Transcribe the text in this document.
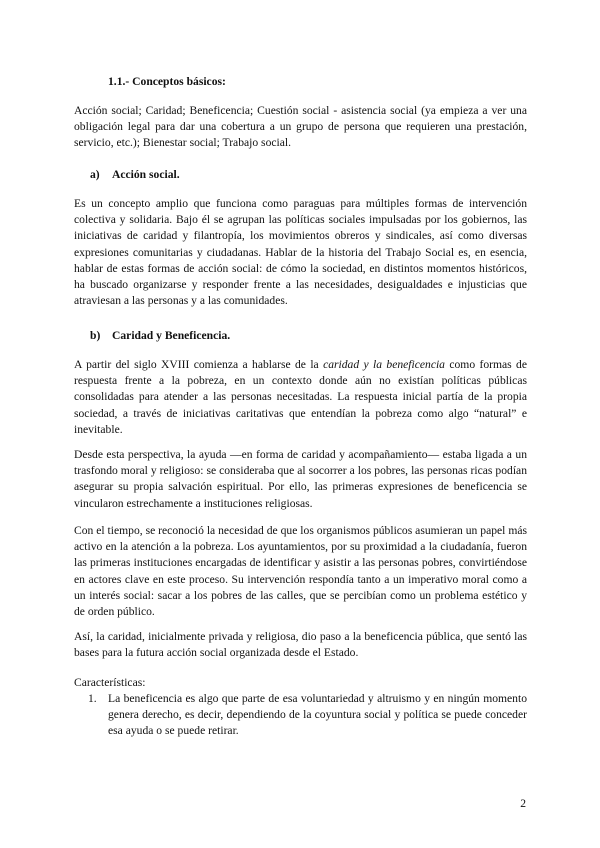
1.1.- Conceptos básicos:

Acción social; Caridad; Beneficencia; Cuestión social - asistencia social (ya empieza a ver una obligación legal para dar una cobertura a un grupo de persona que requieren una prestación, servicio, etc.); Bienestar social; Trabajo social.

a) Acción social.

Es un concepto amplio que funciona como paraguas para múltiples formas de intervención colectiva y solidaria. Bajo él se agrupan las políticas sociales impulsadas por los gobiernos, las iniciativas de caridad y filantropía, los movimientos obreros y sindicales, así como diversas expresiones comunitarias y ciudadanas. Hablar de la historia del Trabajo Social es, en esencia, hablar de estas formas de acción social: de cómo la sociedad, en distintos momentos históricos, ha buscado organizarse y responder frente a las necesidades, desigualdades e injusticias que atraviesan a las personas y a las comunidades.

b) Caridad y Beneficencia.

A partir del siglo XVIII comienza a hablarse de la caridad y la beneficencia como formas de respuesta frente a la pobreza, en un contexto donde aún no existían políticas públicas consolidadas para atender a las personas necesitadas. La respuesta inicial partía de la propia sociedad, a través de iniciativas caritativas que entendían la pobreza como algo “natural” e inevitable.

Desde esta perspectiva, la ayuda —en forma de caridad y acompañamiento— estaba ligada a un trasfondo moral y religioso: se consideraba que al socorrer a los pobres, las personas ricas podían asegurar su propia salvación espiritual. Por ello, las primeras expresiones de beneficencia se vincularon estrechamente a instituciones religiosas.

Con el tiempo, se reconoció la necesidad de que los organismos públicos asumieran un papel más activo en la atención a la pobreza. Los ayuntamientos, por su proximidad a la ciudadanía, fueron las primeras instituciones encargadas de identificar y asistir a las personas pobres, convirtiéndose en actores clave en este proceso. Su intervención respondía tanto a un imperativo moral como a un interés social: sacar a los pobres de las calles, que se percibían como un problema estético y de orden público.

Así, la caridad, inicialmente privada y religiosa, dio paso a la beneficencia pública, que sentó las bases para la futura acción social organizada desde el Estado.

Características:

1. La beneficencia es algo que parte de esa voluntariedad y altruismo y en ningún momento genera derecho, es decir, dependiendo de la coyuntura social y política se puede conceder esa ayuda o se puede retirar.
2
